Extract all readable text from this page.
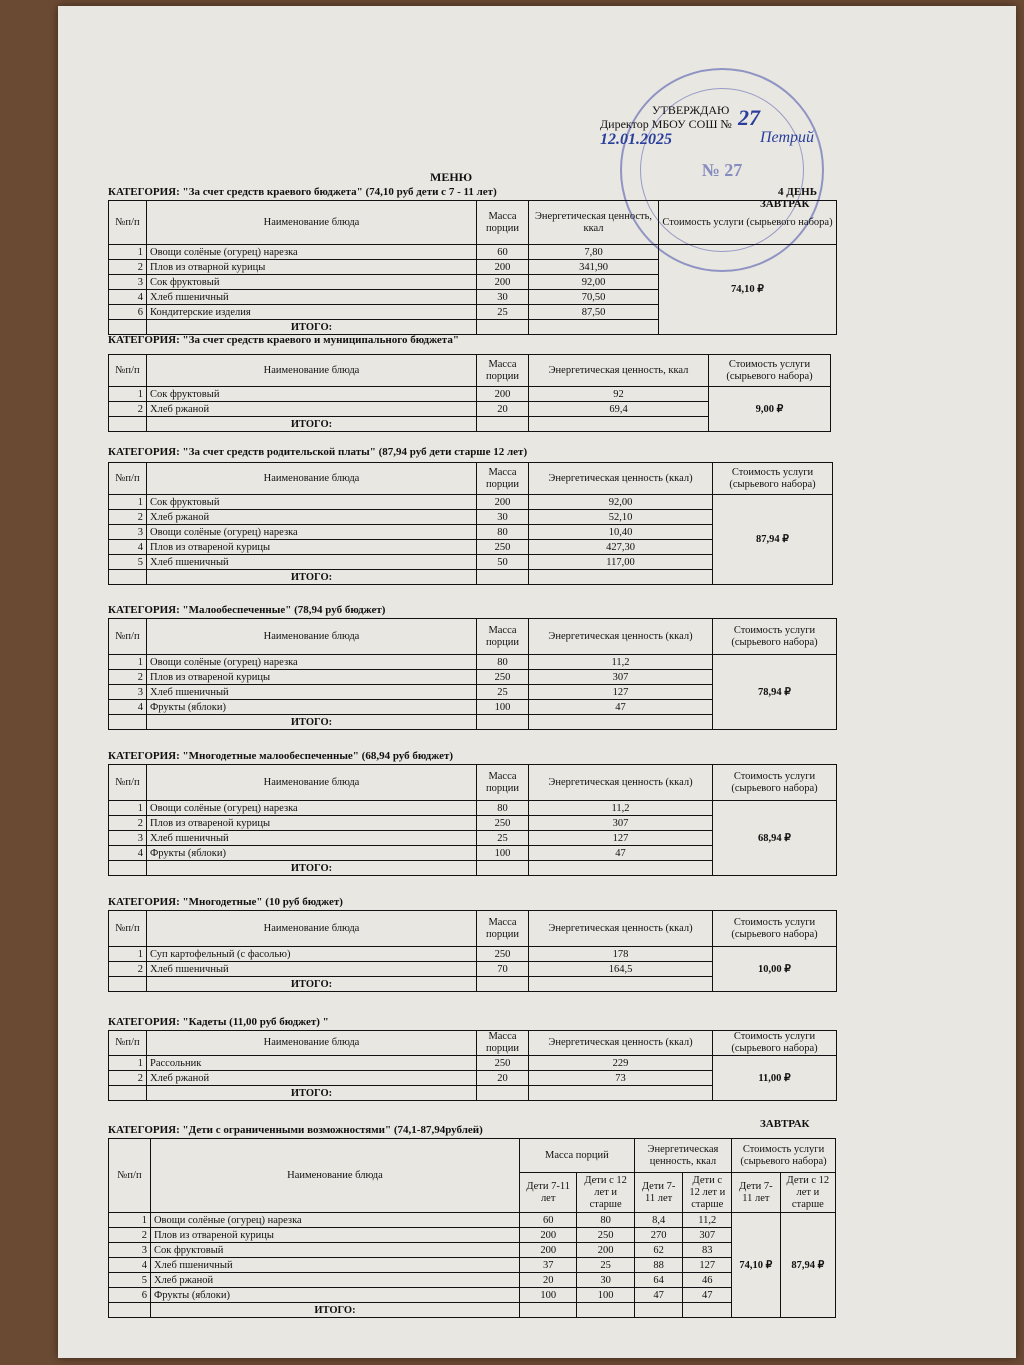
№ 27
УТВЕРЖДАЮ
Директор МБОУ СОШ № 27
12.01.2025	Петрий
МЕНЮ
4 ДЕНЬ
ЗАВТРАК
КАТЕГОРИЯ: "За счет средств краевого бюджета" (74,10 руб дети с 7 - 11 лет)
№п/п	Наименование блюда	Масса порции	Энергетическая ценность, ккал	Стоимость услуги (сырьевого набора)
1	Овощи солёные (огурец) нарезка	60	7,80	74,10 ₽
2	Плов из отварной курицы	200	341,90	
3	Сок фруктовый	200	92,00	
4	Хлеб пшеничный	30	70,50	
6	Кондитерские изделия	25	87,50	
	ИТОГО:			
КАТЕГОРИЯ: "За счет средств краевого и муниципального бюджета"
№п/п	Наименование блюда	Масса порции	Энергетическая ценность, ккал	Стоимость услуги (сырьевого набора)
1	Сок фруктовый	200	92	9,00 ₽
2	Хлеб ржаной	20	69,4	
	ИТОГО:			
КАТЕГОРИЯ: "За счет средств родительской платы" (87,94 руб дети старше 12 лет)
№п/п	Наименование блюда	Масса порции	Энергетическая ценность (ккал)	Стоимость услуги (сырьевого набора)
1	Сок фруктовый	200	92,00	87,94 ₽
2	Хлеб ржаной	30	52,10	
3	Овощи солёные (огурец) нарезка	80	10,40	
4	Плов из отвареной курицы	250	427,30	
5	Хлеб пшеничный	50	117,00	
	ИТОГО:			
КАТЕГОРИЯ: "Малообеспеченные" (78,94 руб бюджет)
№п/п	Наименование блюда	Масса порции	Энергетическая ценность (ккал)	Стоимость услуги (сырьевого набора)
1	Овощи солёные (огурец) нарезка	80	11,2	78,94 ₽
2	Плов из отвареной курицы	250	307	
3	Хлеб пшеничный	25	127	
4	Фрукты (яблоки)	100	47	
	ИТОГО:			
КАТЕГОРИЯ: "Многодетные малообеспеченные" (68,94 руб бюджет)
№п/п	Наименование блюда	Масса порции	Энергетическая ценность (ккал)	Стоимость услуги (сырьевого набора)
1	Овощи солёные (огурец) нарезка	80	11,2	68,94 ₽
2	Плов из отвареной курицы	250	307	
3	Хлеб пшеничный	25	127	
4	Фрукты (яблоки)	100	47	
	ИТОГО:			
КАТЕГОРИЯ: "Многодетные" (10 руб бюджет)
№п/п	Наименование блюда	Масса порции	Энергетическая ценность (ккал)	Стоимость услуги (сырьевого набора)
1	Суп картофельный (с фасолью)	250	178	10,00 ₽
2	Хлеб пшеничный	70	164,5	
	ИТОГО:			
КАТЕГОРИЯ: "Кадеты (11,00 руб бюджет) "
№п/п	Наименование блюда	Масса порции	Энергетическая ценность (ккал)	Стоимость услуги (сырьевого набора)
1	Рассольник	250	229	11,00 ₽
2	Хлеб ржаной	20	73	
	ИТОГО:			
ЗАВТРАК
КАТЕГОРИЯ: "Дети с ограниченными возможностями" (74,1-87,94рублей)
№п/п	Наименование блюда	Масса порций		Энергетическая ценность, ккал		Стоимость услуги (сырьевого набора)	
		Дети 7-11 лет	Дети с 12 лет и старше	Дети 7-11 лет	Дети с 12 лет и старше	Дети 7-11 лет	Дети с 12 лет и старше
1	Овощи солёные (огурец) нарезка	60	80	8,4	11,2	74,10 ₽	87,94 ₽
2	Плов из отвареной курицы	200	250	270	307		
3	Сок фруктовый	200	200	62	83		
4	Хлеб пшеничный	37	25	88	127		
5	Хлеб ржаной	20	30	64	46		
6	Фрукты (яблоки)	100	100	47	47		
	ИТОГО:						
